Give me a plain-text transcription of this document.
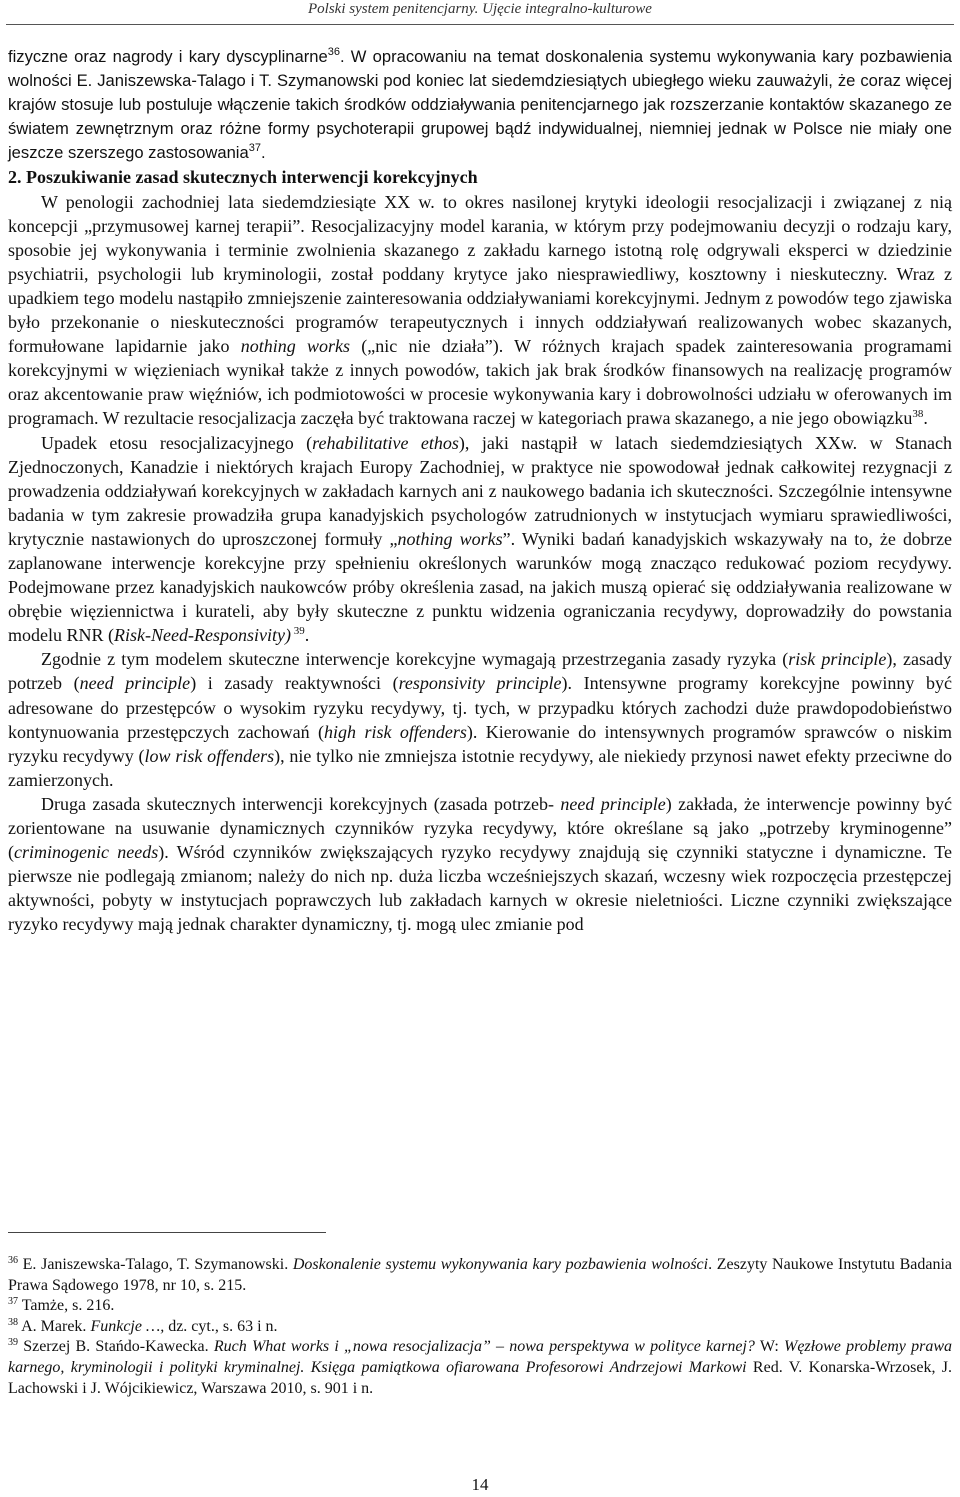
Polski system penitencjarny. Ujęcie integralno-kulturowe

fizyczne oraz nagrody i kary dyscyplinarne$^{36}$. W opracowaniu na temat doskonalenia systemu wykonywania kary pozbawienia wolności E. Janiszewska-Talago i T. Szymanowski pod koniec lat siedemdziesiątych ubiegłego wieku zauważyli, że coraz więcej krajów stosuje lub postuluje włączenie takich środków oddziaływania penitencjarnego jak rozszerzanie kontaktów skazanego ze światem zewnętrznym oraz różne formy psychoterapii grupowej bądź indywidualnej, niemniej jednak w Polsce nie miały one jeszcze szerszego zastosowania$^{37}$.

2. Poszukiwanie zasad skutecznych interwencji korekcyjnych

W penologii zachodniej lata siedemdziesiąte XX w. to okres nasilonej krytyki ideologii resocjalizacji i związanej z nią koncepcji „przymusowej karnej terapii”. Resocjalizacyjny model karania, w którym przy podejmowaniu decyzji o rodzaju kary, sposobie jej wykonywania i terminie zwolnienia skazanego z zakładu karnego istotną rolę odgrywali eksperci w dziedzinie psychiatrii, psychologii lub kryminologii, został poddany krytyce jako niesprawiedliwy, kosztowny i nieskuteczny. Wraz z upadkiem tego modelu nastąpiło zmniejszenie zainteresowania oddziaływaniami korekcyjnymi. Jednym z powodów tego zjawiska było przekonanie o nieskuteczności programów terapeutycznych i innych oddziaływań realizowanych wobec skazanych, formułowane lapidarnie jako nothing works („nic nie działa”). W różnych krajach spadek zainteresowania programami korekcyjnymi w więzieniach wynikał także z innych powodów, takich jak brak środków finansowych na realizację programów oraz akcentowanie praw więźniów, ich podmiotowości w procesie wykonywania kary i dobrowolności udziału w oferowanych im programach. W rezultacie resocjalizacja zaczęła być traktowana raczej w kategoriach prawa skazanego, a nie jego obowiązku$^{38}$.

Upadek etosu resocjalizacyjnego (rehabilitative ethos), jaki nastąpił w latach siedemdziesiątych XXw. w Stanach Zjednoczonych, Kanadzie i niektórych krajach Europy Zachodniej, w praktyce nie spowodował jednak całkowitej rezygnacji z prowadzenia oddziaływań korekcyjnych w zakładach karnych ani z naukowego badania ich skuteczności. Szczególnie intensywne badania w tym zakresie prowadziła grupa kanadyjskich psychologów zatrudnionych w instytucjach wymiaru sprawiedliwości, krytycznie nastawionych do uproszczonej formuły „nothing works”. Wyniki badań kanadyjskich wskazywały na to, że dobrze zaplanowane interwencje korekcyjne przy spełnieniu określonych warunków mogą znacząco redukować poziom recydywy. Podejmowane przez kanadyjskich naukowców próby określenia zasad, na jakich muszą opierać się oddziaływania realizowane w obrębie więziennictwa i kurateli, aby były skuteczne z punktu widzenia ograniczania recydywy, doprowadziły do powstania modelu RNR (Risk-Need-Responsivity) $^{39}$.

Zgodnie z tym modelem skuteczne interwencje korekcyjne wymagają przestrzegania zasady ryzyka (risk principle), zasady potrzeb (need principle) i zasady reaktywności (responsivity principle). Intensywne programy korekcyjne powinny być adresowane do przestępców o wysokim ryzyku recydywy, tj. tych, w przypadku których zachodzi duże prawdopodobieństwo kontynuowania przestępczych zachowań (high risk offenders). Kierowanie do intensywnych programów sprawców o niskim ryzyku recydywy (low risk offenders), nie tylko nie zmniejsza istotnie recydywy, ale niekiedy przynosi nawet efekty przeciwne do zamierzonych.

Druga zasada skutecznych interwencji korekcyjnych (zasada potrzeb- need principle) zakłada, że interwencje powinny być zorientowane na usuwanie dynamicznych czynników ryzyka recydywy, które określane są jako „potrzeby kryminogenne” (criminogenic needs). Wśród czynników zwiększających ryzyko recydywy znajdują się czynniki statyczne i dynamiczne. Te pierwsze nie podlegają zmianom; należy do nich np. duża liczba wcześniejszych skazań, wczesny wiek rozpoczęcia przestępczej aktywności, pobyty w instytucjach poprawczych lub zakładach karnych w okresie nieletniości. Liczne czynniki zwiększające ryzyko recydywy mają jednak charakter dynamiczny, tj. mogą ulec zmianie pod

$^{36}$ E. Janiszewska-Talago, T. Szymanowski. Doskonalenie systemu wykonywania kary pozbawienia wolności. Zeszyty Naukowe Instytutu Badania Prawa Sądowego 1978, nr 10, s. 215.

$^{37}$ Tamże, s. 216.

$^{38}$ A. Marek. Funkcje …, dz. cyt., s. 63 i n.

$^{39}$ Szerzej B. Stańdo-Kawecka. Ruch What works i „nowa resocjalizacja” – nowa perspektywa w polityce karnej? W: Węzłowe problemy prawa karnego, kryminologii i polityki kryminalnej. Księga pamiątkowa ofiarowana Profesorowi Andrzejowi Markowi Red. V. Konarska-Wrzosek, J. Lachowski i J. Wójcikiewicz, Warszawa 2010, s. 901 i n.

14
